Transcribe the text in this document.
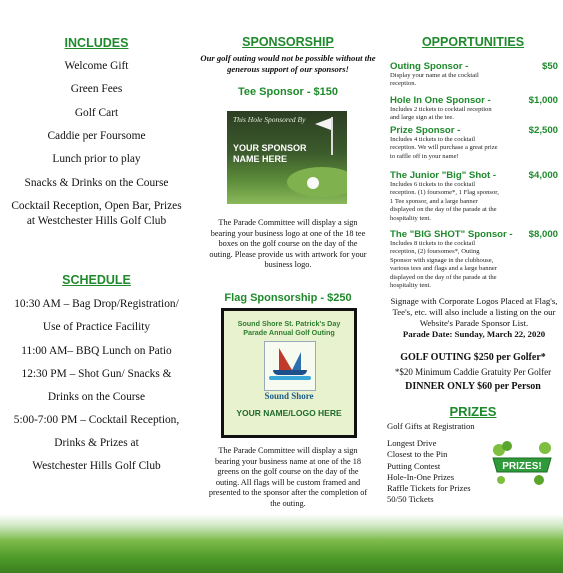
INCLUDES
Welcome Gift
Green Fees
Golf Cart
Caddie per Foursome
Lunch prior to play
Snacks & Drinks on the Course
Cocktail Reception, Open Bar, Prizes
at Westchester Hills Golf Club
SCHEDULE
10:30 AM – Bag Drop/Registration/
Use of Practice Facility
11:00 AM– BBQ Lunch on Patio
12:30 PM – Shot Gun/ Snacks &
Drinks on the Course
5:00-7:00 PM – Cocktail Reception,
Drinks & Prizes at
Westchester Hills Golf Club
SPONSORSHIP
Our golf outing would not be possible without the generous support of our sponsors!
Tee Sponsor - $150
This Hole Sponsored By
YOUR SPONSOR
NAME HERE
The Parade Committee will display a sign bearing your business logo at one of the 18 tee boxes on the golf course on the day of the outing. Please provide us with artwork for your business logo.
Flag Sponsorship - $250
Sound Shore St. Patrick's Day
Parade Annual Golf Outing
Sound Shore
YOUR NAME/LOGO HERE
The Parade Committee will display a sign bearing your business name at one of the 18 greens on the golf course on the day of the outing. All flags will be custom framed and presented to the sponsor after the completion of the outing.
OPPORTUNITIES
Outing Sponsor -	$50
Display your name at the cocktail reception.
Hole In One Sponsor -	$1,000
Includes 2 tickets to cocktail reception and large sign at the tee.
Prize Sponsor -	$2,500
Includes 4 tickets to the cocktail reception. We will purchase a great prize to raffle off in your name!
The Junior "Big" Shot -	$4,000
Includes 6 tickets to the cocktail reception. (1) foursome*, 1 Flag sponsor, 1 Tee sponsor, and a large banner displayed on the day of the parade at the hospitality tent.
The "BIG SHOT" Sponsor -	$8,000
Includes 8 tickets to the cocktail reception, (2) foursomes*, Outing Sponsor with signage in the clubhouse, various tees and flags and a large banner displayed on the day of the parade at the hospitality tent.
Signage with Corporate Logos Placed at Flag's, Tee's, etc. will also include a listing on the our Website's Parade Sponsor List.
Parade Date: Sunday, March 22, 2020
GOLF OUTING $250 per Golfer*
*$20 Minimum Caddie Gratuity Per Golfer
DINNER ONLY $60 per Person
PRIZES
Golf Gifts at Registration
Longest Drive
Closest to the Pin
Putting Contest
Hole-In-One Prizes
Raffle Tickets for Prizes
50/50 Tickets
PRIZES!
